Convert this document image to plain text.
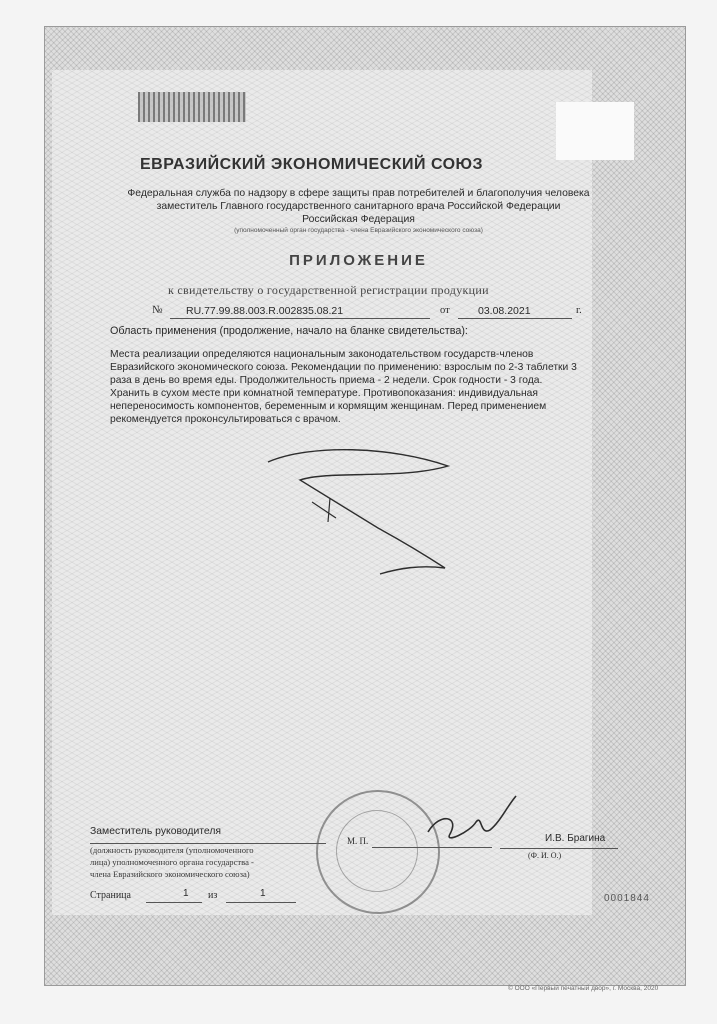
ЕВРАЗИЙСКИЙ ЭКОНОМИЧЕСКИЙ СОЮЗ
Федеральная служба по надзору в сфере защиты прав потребителей и благополучия человека
заместитель Главного государственного санитарного врача Российской Федерации
Российская Федерация
(уполномоченный орган государства - члена Евразийского экономического союза)
ПРИЛОЖЕНИЕ
к свидетельству о государственной регистрации продукции
№ RU.77.99.88.003.R.002835.08.21	от	03.08.2021	г.
Область применения (продолжение, начало на бланке свидетельства):
Места реализации определяются национальным законодательством государств-членов
Евразийского экономического союза. Рекомендации по применению: взрослым по 2-3 таблетки 3
раза в день во время еды. Продолжительность приема - 2 недели. Срок годности - 3 года.
Хранить в сухом месте при комнатной температуре. Противопоказания: индивидуальная
непереносимость компонентов, беременным и кормящим женщинам. Перед применением
рекомендуется проконсультироваться с врачом.
Заместитель руководителя
М. П.	И.В. Брагина
(Ф. И. О.)
(должность руководителя (уполномоченного
лица) уполномоченного органа государства -
члена Евразийского экономического союза)
Страница	1 из	1	0001844
© ООО «Первый печатный двор», г. Москва, 2020
